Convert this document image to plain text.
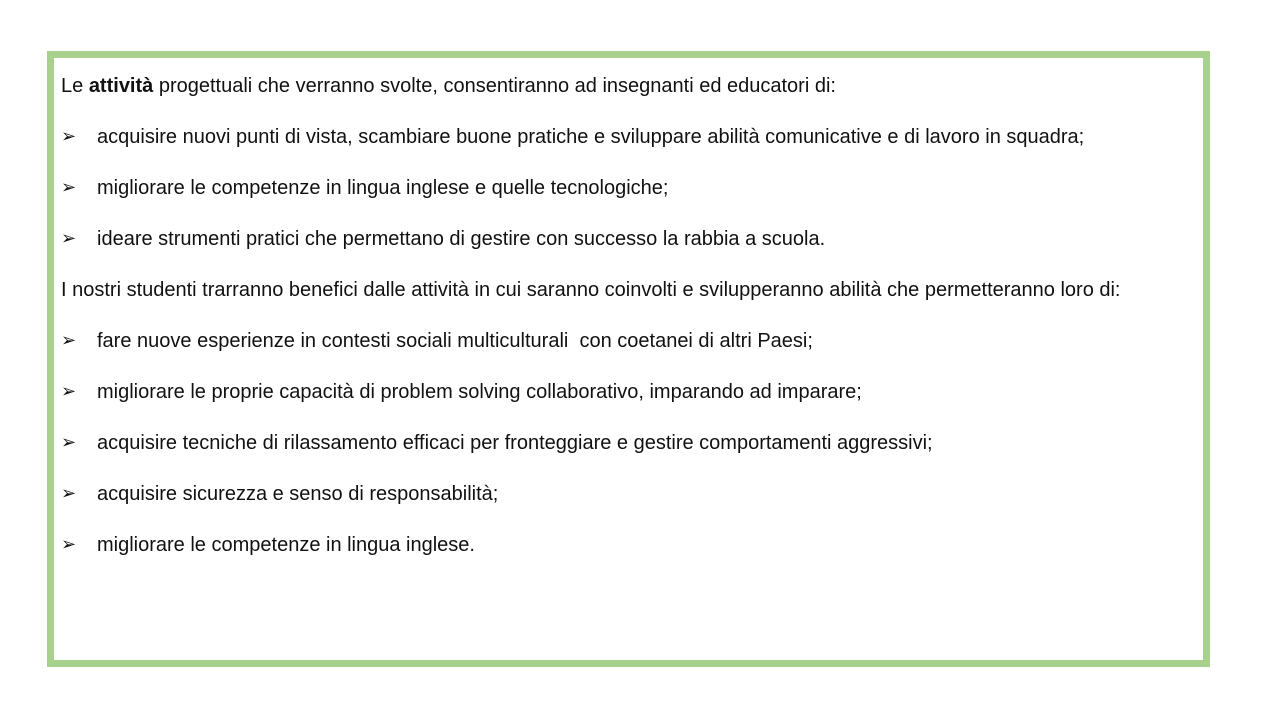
Le attività progettuali che verranno svolte, consentiranno ad insegnanti ed educatori di:

➢	acquisire nuovi punti di vista, scambiare buone pratiche e sviluppare abilità comunicative e di lavoro in squadra;
➢	migliorare le competenze in lingua inglese e quelle tecnologiche;
➢	ideare strumenti pratici che permettano di gestire con successo la rabbia a scuola.

I nostri studenti trarranno benefici dalle attività in cui saranno coinvolti e svilupperanno abilità che permetteranno loro di:

➢	fare nuove esperienze in contesti sociali multiculturali  con coetanei di altri Paesi;
➢	migliorare le proprie capacità di problem solving collaborativo, imparando ad imparare;
➢	acquisire tecniche di rilassamento efficaci per fronteggiare e gestire comportamenti aggressivi;
➢	acquisire sicurezza e senso di responsabilità;
➢	migliorare le competenze in lingua inglese.
